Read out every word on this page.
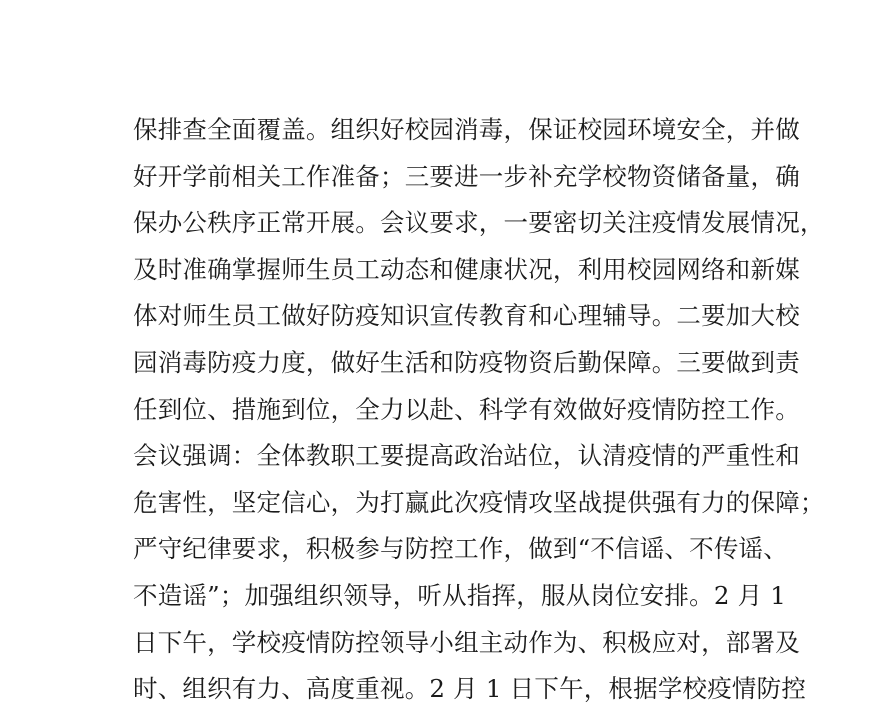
保排查全面覆盖。组织好校园消毒，保证校园环境安全，并做
好开学前相关工作准备；三要进一步补充学校物资储备量，确
保办公秩序正常开展。会议要求，一要密切关注疫情发展情况，
及时准确掌握师生员工动态和健康状况，利用校园网络和新媒
体对师生员工做好防疫知识宣传教育和心理辅导。二要加大校
园消毒防疫力度，做好生活和防疫物资后勤保障。三要做到责
任到位、措施到位，全力以赴、科学有效做好疫情防控工作。
会议强调：全体教职工要提高政治站位，认清疫情的严重性和
危害性，坚定信心，为打赢此次疫情攻坚战提供强有力的保障；
严守纪律要求，积极参与防控工作，做到“不信谣、不传谣、
不造谣”；加强组织领导，听从指挥，服从岗位安排。2 月 1
日下午，学校疫情防控领导小组主动作为、积极应对，部署及
时、组织有力、高度重视。2 月 1 日下午，根据学校疫情防控
